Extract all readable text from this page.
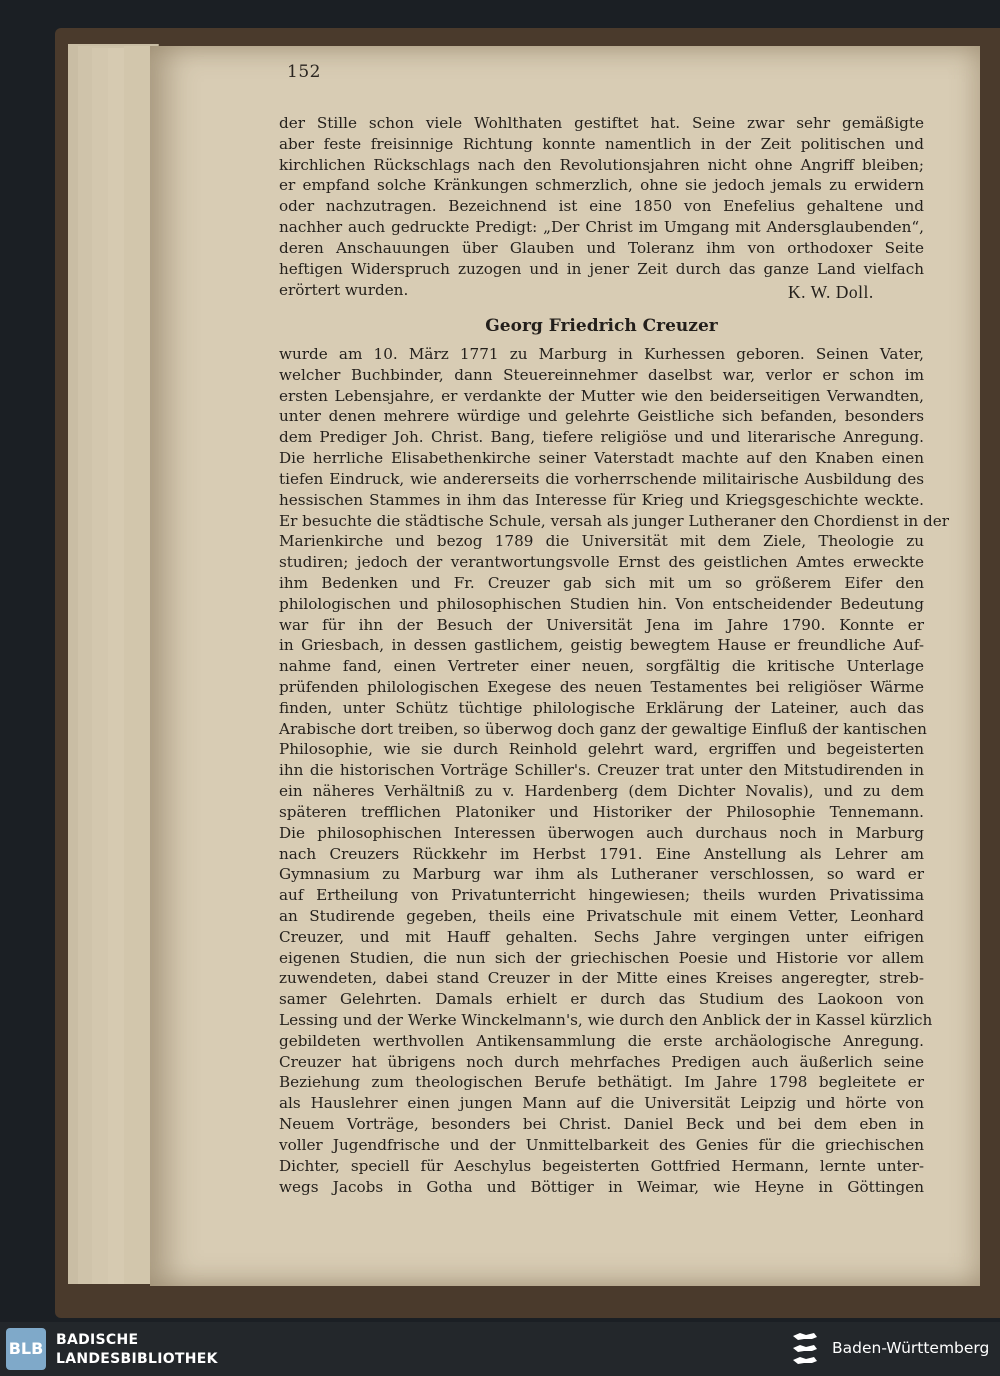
152
der Stille schon viele Wohlthaten gestiftet hat. Seine zwar sehr gemäßigte
aber feste freisinnige Richtung konnte namentlich in der Zeit politischen und
kirchlichen Rückschlags nach den Revolutionsjahren nicht ohne Angriff bleiben;
er empfand solche Kränkungen schmerzlich, ohne sie jedoch jemals zu erwidern
oder nachzutragen. Bezeichnend ist eine 1850 von Enefelius gehaltene und
nachher auch gedruckte Predigt: „Der Christ im Umgang mit Andersglaubenden“,
deren Anschauungen über Glauben und Toleranz ihm von orthodoxer Seite
heftigen Widerspruch zuzogen und in jener Zeit durch das ganze Land vielfach
erörtert wurden.	K. W. Doll.
Georg Friedrich Creuzer
wurde am 10. März 1771 zu Marburg in Kurhessen geboren. Seinen Vater,
welcher Buchbinder, dann Steuereinnehmer daselbst war, verlor er schon im
ersten Lebensjahre, er verdankte der Mutter wie den beiderseitigen Verwandten,
unter denen mehrere würdige und gelehrte Geistliche sich befanden, besonders
dem Prediger Joh. Christ. Bang, tiefere religiöse und und literarische Anregung.
Die herrliche Elisabethenkirche seiner Vaterstadt machte auf den Knaben einen
tiefen Eindruck, wie andererseits die vorherrschende militairische Ausbildung des
hessischen Stammes in ihm das Interesse für Krieg und Kriegsgeschichte weckte.
Er besuchte die städtische Schule, versah als junger Lutheraner den Chordienst in der
Marienkirche und bezog 1789 die Universität mit dem Ziele, Theologie zu
studiren; jedoch der verantwortungsvolle Ernst des geistlichen Amtes erweckte
ihm Bedenken und Fr. Creuzer gab sich mit um so größerem Eifer den
philologischen und philosophischen Studien hin. Von entscheidender Bedeutung
war für ihn der Besuch der Universität Jena im Jahre 1790. Konnte er
in Griesbach, in dessen gastlichem, geistig bewegtem Hause er freundliche Auf-
nahme fand, einen Vertreter einer neuen, sorgfältig die kritische Unterlage
prüfenden philologischen Exegese des neuen Testamentes bei religiöser Wärme
finden, unter Schütz tüchtige philologische Erklärung der Lateiner, auch das
Arabische dort treiben, so überwog doch ganz der gewaltige Einfluß der kantischen
Philosophie, wie sie durch Reinhold gelehrt ward, ergriffen und begeisterten
ihn die historischen Vorträge Schiller's. Creuzer trat unter den Mitstudirenden in
ein näheres Verhältniß zu v. Hardenberg (dem Dichter Novalis), und zu dem
späteren trefflichen Platoniker und Historiker der Philosophie Tennemann.
Die philosophischen Interessen überwogen auch durchaus noch in Marburg
nach Creuzers Rückkehr im Herbst 1791. Eine Anstellung als Lehrer am
Gymnasium zu Marburg war ihm als Lutheraner verschlossen, so ward er
auf Ertheilung von Privatunterricht hingewiesen; theils wurden Privatissima
an Studirende gegeben, theils eine Privatschule mit einem Vetter, Leonhard
Creuzer, und mit Hauff gehalten. Sechs Jahre vergingen unter eifrigen
eigenen Studien, die nun sich der griechischen Poesie und Historie vor allem
zuwendeten, dabei stand Creuzer in der Mitte eines Kreises angeregter, streb-
samer Gelehrten. Damals erhielt er durch das Studium des Laokoon von
Lessing und der Werke Winckelmann's, wie durch den Anblick der in Kassel kürzlich
gebildeten werthvollen Antikensammlung die erste archäologische Anregung.
Creuzer hat übrigens noch durch mehrfaches Predigen auch äußerlich seine
Beziehung zum theologischen Berufe bethätigt. Im Jahre 1798 begleitete er
als Hauslehrer einen jungen Mann auf die Universität Leipzig und hörte von
Neuem Vorträge, besonders bei Christ. Daniel Beck und bei dem eben in
voller Jugendfrische und der Unmittelbarkeit des Genies für die griechischen
Dichter, speciell für Aeschylus begeisterten Gottfried Hermann, lernte unter-
wegs Jacobs in Gotha und Böttiger in Weimar, wie Heyne in Göttingen
BLB BADISCHE
LANDESBIBLIOTHEK
Baden-Württemberg
